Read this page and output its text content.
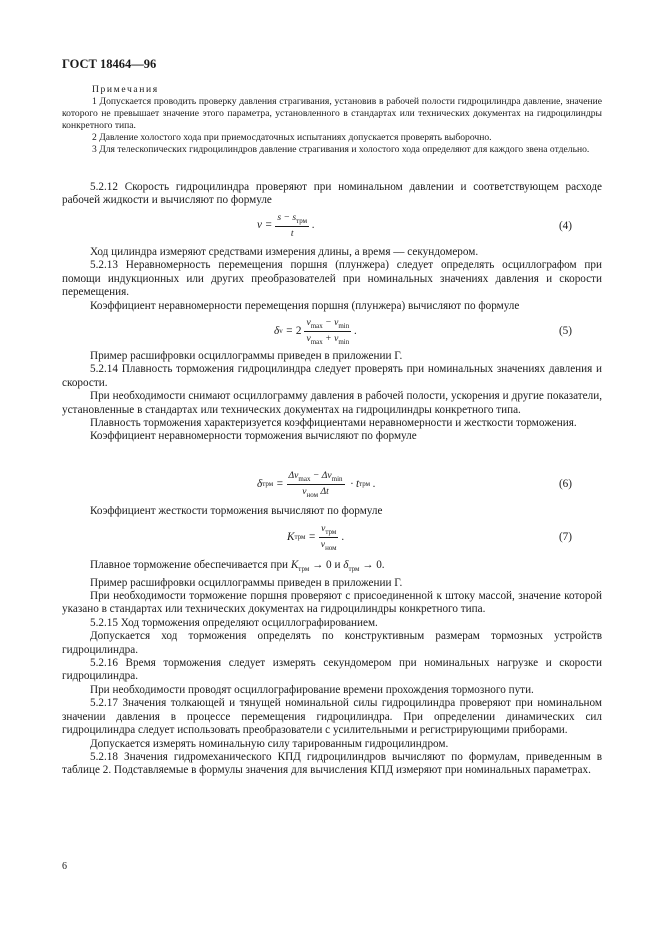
ГОСТ 18464—96

Примечания

1 Допускается проводить проверку давления страгивания, установив в рабочей полости гидроцилиндра давление, значение которого не превышает значение этого параметра, установленного в стандартах или технических документах на гидроцилиндры конкретного типа.

2 Давление холостого хода при приемосдаточных испытаниях допускается проверять выборочно.

3 Для телескопических гидроцилиндров давление страгивания и холостого хода определяют для каждого звена отдельно.

5.2.12 Скорость гидроцилиндра проверяют при номинальном давлении и соответствующем расходе рабочей жидкости и вычисляют по формуле

$v = \frac{s - s_{трм}}{t}$ .	(4)

Ход цилиндра измеряют средствами измерения длины, а время — секундомером.

5.2.13 Неравномерность перемещения поршня (плунжера) следует определять осциллографом при помощи индукционных или других преобразователей при номинальных значениях давления и скорости перемещения.

Коэффициент неравномерности перемещения поршня (плунжера) вычисляют по формуле

δ $v = 2 \frac{v_{max} - v_{min}}{v_{max} + v_{min}}$ .	(5)

Пример расшифровки осциллограммы приведен в приложении Г.

5.2.14 Плавность торможения гидроцилиндра следует проверять при номинальных значениях давления и скорости.

При необходимости снимают осциллограмму давления в рабочей полости, ускорения и другие показатели, установленные в стандартах или технических документах на гидроцилиндры конкретного типа.

Плавность торможения характеризуется коэффициентами неравномерности и жесткости торможения.

Коэффициент неравномерности торможения вычисляют по формуле

δ трм = $\frac{\Delta v_{max} - \Delta v_{min}}{v_{ном} \Delta t} \cdot t$ трм .	(6)

Коэффициент жесткости торможения вычисляют по формуле

K трм = $\frac{v_{трм}}{v_{ном}}$ .	(7)

Плавное торможение обеспечивается при $K_{трм} \to 0$ и $\delta_{трм} \to 0$.

Пример расшифровки осциллограммы приведен в приложении Г.

При необходимости торможение поршня проверяют с присоединенной к штоку массой, значение которой указано в стандартах или технических документах на гидроцилиндры конкретного типа.

5.2.15 Ход торможения определяют осциллографированием.

Допускается ход торможения определять по конструктивным размерам тормозных устройств гидроцилиндра.

5.2.16 Время торможения следует измерять секундомером при номинальных нагрузке и скорости гидроцилиндра.

При необходимости проводят осциллографирование времени прохождения тормозного пути.

5.2.17 Значения толкающей и тянущей номинальной силы гидроцилиндра проверяют при номинальном значении давления в процессе перемещения гидроцилиндра. При определении динамических сил гидроцилиндра следует использовать преобразователи с усилительными и регистрирующими приборами.

Допускается измерять номинальную силу тарированным гидроцилиндром.

5.2.18 Значения гидромеханического КПД гидроцилиндров вычисляют по формулам, приведенным в таблице 2. Подставляемые в формулы значения для вычисления КПД измеряют при номинальных параметрах.

6
